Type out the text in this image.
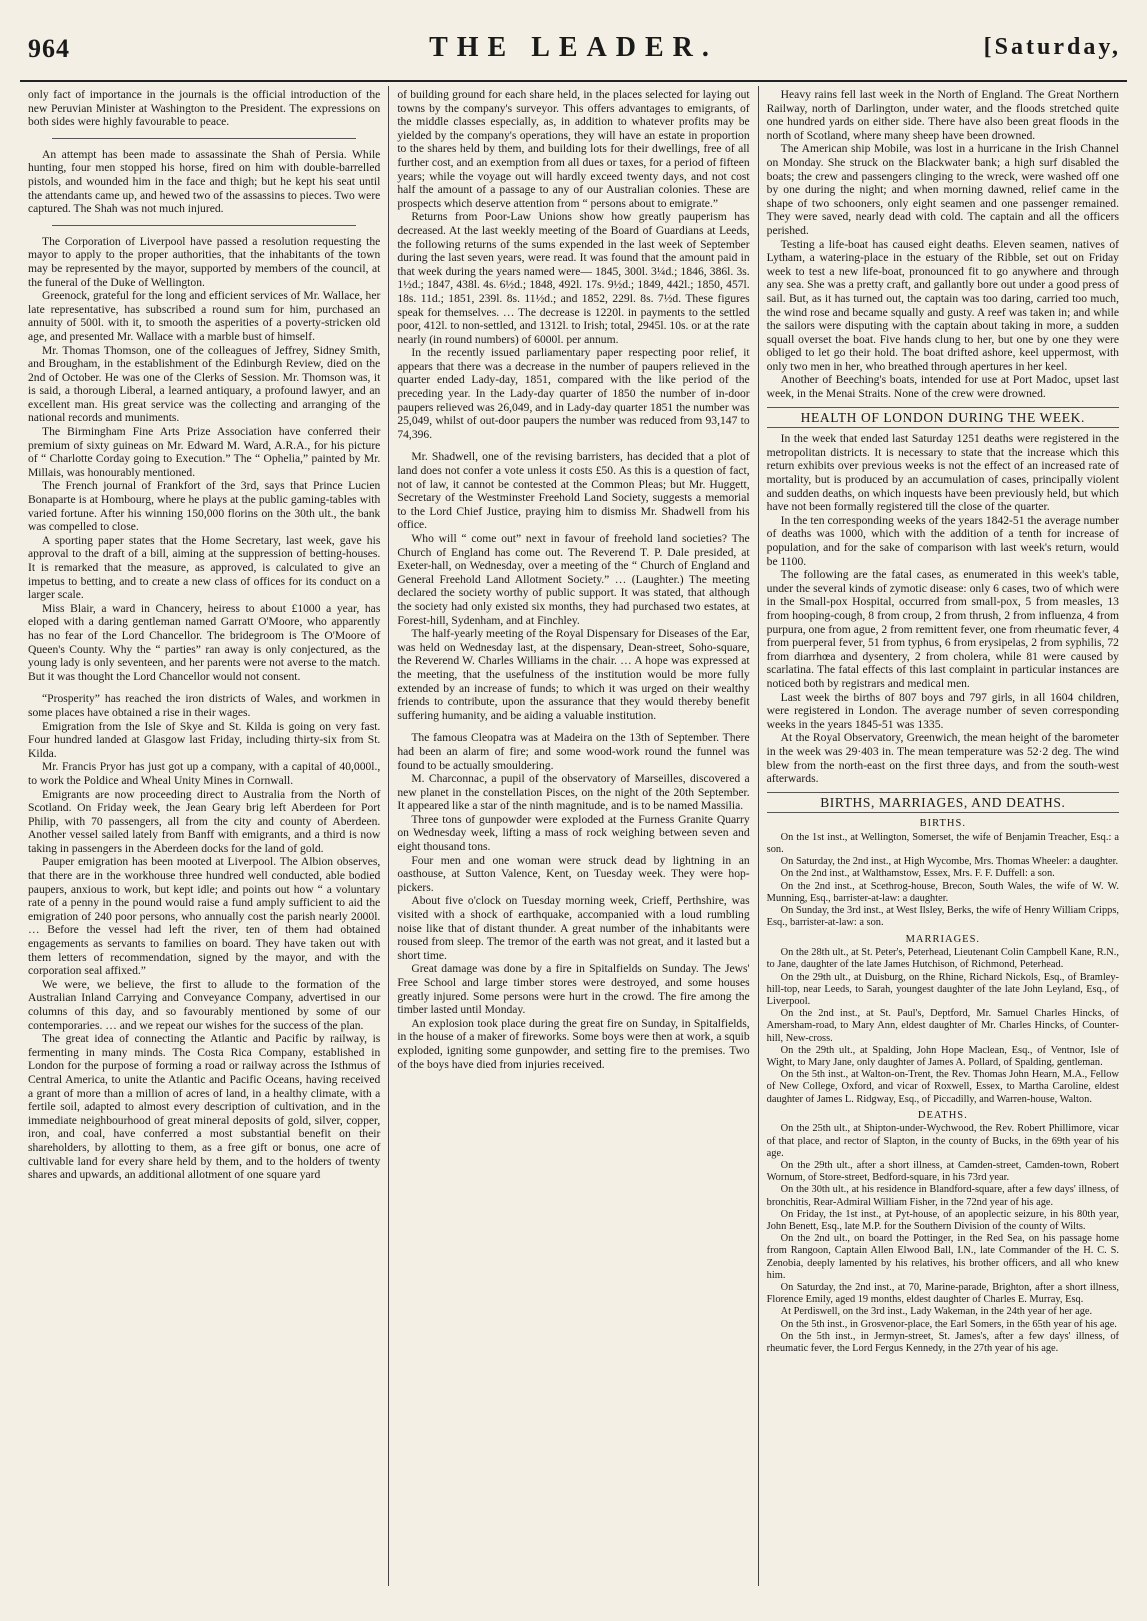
964	THE LEADER.	[Saturday,

only fact of importance in the journals is the official introduction of the new Peruvian Minister at Washington to the President. The expressions on both sides were highly favourable to peace.

An attempt has been made to assassinate the Shah of Persia. While hunting, four men stopped his horse, fired on him with double-barrelled pistols, and wounded him in the face and thigh; but he kept his seat until the attendants came up, and hewed two of the assassins to pieces. Two were captured. The Shah was not much injured.

The Corporation of Liverpool have passed a resolution requesting the mayor to apply to the proper authorities, that the inhabitants of the town may be represented by the mayor, supported by members of the council, at the funeral of the Duke of Wellington.

Greenock, grateful for the long and efficient services of Mr. Wallace, her late representative, has subscribed a round sum for him, purchased an annuity of 500l. with it, to smooth the asperities of a poverty-stricken old age, and presented Mr. Wallace with a marble bust of himself.

Mr. Thomas Thomson, one of the colleagues of Jeffrey, Sidney Smith, and Brougham, in the establishment of the Edinburgh Review, died on the 2nd of October. He was one of the Clerks of Session. Mr. Thomson was, it is said, a thorough Liberal, a learned antiquary, a profound lawyer, and an excellent man. His great service was the collecting and arranging of the national records and muniments.

The Birmingham Fine Arts Prize Association have conferred their premium of sixty guineas on Mr. Edward M. Ward, A.R.A., for his picture of “ Charlotte Corday going to Execution.” The “ Ophelia,” painted by Mr. Millais, was honourably mentioned.

The French journal of Frankfort of the 3rd, says that Prince Lucien Bonaparte is at Hombourg, where he plays at the public gaming-tables with varied fortune. After his winning 150,000 florins on the 30th ult., the bank was compelled to close.

A sporting paper states that the Home Secretary, last week, gave his approval to the draft of a bill, aiming at the suppression of betting-houses. It is remarked that the measure, as approved, is calculated to give an impetus to betting, and to create a new class of offices for its conduct on a larger scale.

Miss Blair, a ward in Chancery, heiress to about £1000 a year, has eloped with a daring gentleman named Garratt O'Moore, who apparently has no fear of the Lord Chancellor. The bridegroom is The O'Moore of Queen's County. Why the “ parties” ran away is only conjectured, as the young lady is only seventeen, and her parents were not averse to the match. But it was thought the Lord Chancellor would not consent.

“Prosperity” has reached the iron districts of Wales, and workmen in some places have obtained a rise in their wages.

Emigration from the Isle of Skye and St. Kilda is going on very fast. Four hundred landed at Glasgow last Friday, including thirty-six from St. Kilda.

Mr. Francis Pryor has just got up a company, with a capital of 40,000l., to work the Poldice and Wheal Unity Mines in Cornwall.

Emigrants are now proceeding direct to Australia from the North of Scotland. On Friday week, the Jean Geary brig left Aberdeen for Port Philip, with 70 passengers, all from the city and county of Aberdeen. Another vessel sailed lately from Banff with emigrants, and a third is now taking in passengers in the Aberdeen docks for the land of gold.

Pauper emigration has been mooted at Liverpool. The Albion observes, that there are in the workhouse three hundred well conducted, able bodied paupers, anxious to work, but kept idle; and points out how “ a voluntary rate of a penny in the pound would raise a fund amply sufficient to aid the emigration of 240 poor persons, who annually cost the parish nearly 2000l. … Before the vessel had left the river, ten of them had obtained engagements as servants to families on board. They have taken out with them letters of recommendation, signed by the mayor, and with the corporation seal affixed.”

We were, we believe, the first to allude to the formation of the Australian Inland Carrying and Conveyance Company, advertised in our columns of this day, and so favourably mentioned by some of our contemporaries. … and we repeat our wishes for the success of the plan.

The great idea of connecting the Atlantic and Pacific by railway, is fermenting in many minds. The Costa Rica Company, established in London for the purpose of forming a road or railway across the Isthmus of Central America, to unite the Atlantic and Pacific Oceans, having received a grant of more than a million of acres of land, in a healthy climate, with a fertile soil, adapted to almost every description of cultivation, and in the immediate neighbourhood of great mineral deposits of gold, silver, copper, iron, and coal, have conferred a most substantial benefit on their shareholders, by allotting to them, as a free gift or bonus, one acre of cultivable land for every share held by them, and to the holders of twenty shares and upwards, an additional allotment of one square yard

of building ground for each share held, in the places selected for laying out towns by the company's surveyor. This offers advantages to emigrants, of the middle classes especially, as, in addition to whatever profits may be yielded by the company's operations, they will have an estate in proportion to the shares held by them, and building lots for their dwellings, free of all further cost, and an exemption from all dues or taxes, for a period of fifteen years; while the voyage out will hardly exceed twenty days, and not cost half the amount of a passage to any of our Australian colonies. These are prospects which deserve attention from “ persons about to emigrate.”

Returns from Poor-Law Unions show how greatly pauperism has decreased. At the last weekly meeting of the Board of Guardians at Leeds, the following returns of the sums expended in the last week of September during the last seven years, were read. It was found that the amount paid in that week during the years named were— 1845, 300l. 3¼d.; 1846, 386l. 3s. 1½d.; 1847, 438l. 4s. 6½d.; 1848, 492l. 17s. 9½d.; 1849, 442l.; 1850, 457l. 18s. 11d.; 1851, 239l. 8s. 11½d.; and 1852, 229l. 8s. 7½d. These figures speak for themselves. … The decrease is 1220l. in payments to the settled poor, 412l. to non-settled, and 1312l. to Irish; total, 2945l. 10s. or at the rate nearly (in round numbers) of 6000l. per annum.

In the recently issued parliamentary paper respecting poor relief, it appears that there was a decrease in the number of paupers relieved in the quarter ended Lady-day, 1851, compared with the like period of the preceding year. In the Lady-day quarter of 1850 the number of in-door paupers relieved was 26,049, and in Lady-day quarter 1851 the number was 25,049, whilst of out-door paupers the number was reduced from 93,147 to 74,396.

Mr. Shadwell, one of the revising barristers, has decided that a plot of land does not confer a vote unless it costs £50. As this is a question of fact, not of law, it cannot be contested at the Common Pleas; but Mr. Huggett, Secretary of the Westminster Freehold Land Society, suggests a memorial to the Lord Chief Justice, praying him to dismiss Mr. Shadwell from his office.

Who will “ come out” next in favour of freehold land societies? The Church of England has come out. The Reverend T. P. Dale presided, at Exeter-hall, on Wednesday, over a meeting of the “ Church of England and General Freehold Land Allotment Society.” … (Laughter.) The meeting declared the society worthy of public support. It was stated, that although the society had only existed six months, they had purchased two estates, at Forest-hill, Sydenham, and at Finchley.

The half-yearly meeting of the Royal Dispensary for Diseases of the Ear, was held on Wednesday last, at the dispensary, Dean-street, Soho-square, the Reverend W. Charles Williams in the chair. … A hope was expressed at the meeting, that the usefulness of the institution would be more fully extended by an increase of funds; to which it was urged on their wealthy friends to contribute, upon the assurance that they would thereby benefit suffering humanity, and be aiding a valuable institution.

The famous Cleopatra was at Madeira on the 13th of September. There had been an alarm of fire; and some wood-work round the funnel was found to be actually smouldering.

M. Charconnac, a pupil of the observatory of Marseilles, discovered a new planet in the constellation Pisces, on the night of the 20th September. It appeared like a star of the ninth magnitude, and is to be named Massilia.

Three tons of gunpowder were exploded at the Furness Granite Quarry on Wednesday week, lifting a mass of rock weighing between seven and eight thousand tons.

Four men and one woman were struck dead by lightning in an oasthouse, at Sutton Valence, Kent, on Tuesday week. They were hop-pickers.

About five o'clock on Tuesday morning week, Crieff, Perthshire, was visited with a shock of earthquake, accompanied with a loud rumbling noise like that of distant thunder. A great number of the inhabitants were roused from sleep. The tremor of the earth was not great, and it lasted but a short time.

Great damage was done by a fire in Spitalfields on Sunday. The Jews' Free School and large timber stores were destroyed, and some houses greatly injured. Some persons were hurt in the crowd. The fire among the timber lasted until Monday.

An explosion took place during the great fire on Sunday, in Spitalfields, in the house of a maker of fireworks. Some boys were then at work, a squib exploded, igniting some gunpowder, and setting fire to the premises. Two of the boys have died from injuries received.

Heavy rains fell last week in the North of England. The Great Northern Railway, north of Darlington, under water, and the floods stretched quite one hundred yards on either side. There have also been great floods in the north of Scotland, where many sheep have been drowned.

The American ship Mobile, was lost in a hurricane in the Irish Channel on Monday. She struck on the Blackwater bank; a high surf disabled the boats; the crew and passengers clinging to the wreck, were washed off one by one during the night; and when morning dawned, relief came in the shape of two schooners, only eight seamen and one passenger remained. They were saved, nearly dead with cold. The captain and all the officers perished.

Testing a life-boat has caused eight deaths. Eleven seamen, natives of Lytham, a watering-place in the estuary of the Ribble, set out on Friday week to test a new life-boat, pronounced fit to go anywhere and through any sea. She was a pretty craft, and gallantly bore out under a good press of sail. But, as it has turned out, the captain was too daring, carried too much, the wind rose and became squally and gusty. A reef was taken in; and while the sailors were disputing with the captain about taking in more, a sudden squall overset the boat. Five hands clung to her, but one by one they were obliged to let go their hold. The boat drifted ashore, keel uppermost, with only two men in her, who breathed through apertures in her keel.

Another of Beeching's boats, intended for use at Port Madoc, upset last week, in the Menai Straits. None of the crew were drowned.

HEALTH OF LONDON DURING THE WEEK.

In the week that ended last Saturday 1251 deaths were registered in the metropolitan districts. It is necessary to state that the increase which this return exhibits over previous weeks is not the effect of an increased rate of mortality, but is produced by an accumulation of cases, principally violent and sudden deaths, on which inquests have been previously held, but which have not been formally registered till the close of the quarter.

In the ten corresponding weeks of the years 1842-51 the average number of deaths was 1000, which with the addition of a tenth for increase of population, and for the sake of comparison with last week's return, would be 1100.

The following are the fatal cases, as enumerated in this week's table, under the several kinds of zymotic disease: only 6 cases, two of which were in the Small-pox Hospital, occurred from small-pox, 5 from measles, 13 from hooping-cough, 8 from croup, 2 from thrush, 2 from influenza, 4 from purpura, one from ague, 2 from remittent fever, one from rheumatic fever, 4 from puerperal fever, 51 from typhus, 6 from erysipelas, 2 from syphilis, 72 from diarrhœa and dysentery, 2 from cholera, while 81 were caused by scarlatina. The fatal effects of this last complaint in particular instances are noticed both by registrars and medical men.

Last week the births of 807 boys and 797 girls, in all 1604 children, were registered in London. The average number of seven corresponding weeks in the years 1845-51 was 1335.

At the Royal Observatory, Greenwich, the mean height of the barometer in the week was 29·403 in. The mean temperature was 52·2 deg. The wind blew from the north-east on the first three days, and from the south-west afterwards.

BIRTHS, MARRIAGES, AND DEATHS.
BIRTHS.

On the 1st inst., at Wellington, Somerset, the wife of Benjamin Treacher, Esq.: a son.

On Saturday, the 2nd inst., at High Wycombe, Mrs. Thomas Wheeler: a daughter.

On the 2nd inst., at Walthamstow, Essex, Mrs. F. F. Duffell: a son.

On the 2nd inst., at Scethrog-house, Brecon, South Wales, the wife of W. W. Munning, Esq., barrister-at-law: a daughter.

On Sunday, the 3rd inst., at West Ilsley, Berks, the wife of Henry William Cripps, Esq., barrister-at-law: a son.

MARRIAGES.

On the 28th ult., at St. Peter's, Peterhead, Lieutenant Colin Campbell Kane, R.N., to Jane, daughter of the late James Hutchison, of Richmond, Peterhead.

On the 29th ult., at Duisburg, on the Rhine, Richard Nickols, Esq., of Bramley-hill-top, near Leeds, to Sarah, youngest daughter of the late John Leyland, Esq., of Liverpool.

On the 2nd inst., at St. Paul's, Deptford, Mr. Samuel Charles Hincks, of Amersham-road, to Mary Ann, eldest daughter of Mr. Charles Hincks, of Counter-hill, New-cross.

On the 29th ult., at Spalding, John Hope Maclean, Esq., of Ventnor, Isle of Wight, to Mary Jane, only daughter of James A. Pollard, of Spalding, gentleman.

On the 5th inst., at Walton-on-Trent, the Rev. Thomas John Hearn, M.A., Fellow of New College, Oxford, and vicar of Roxwell, Essex, to Martha Caroline, eldest daughter of James L. Ridgway, Esq., of Piccadilly, and Warren-house, Walton.

DEATHS.

On the 25th ult., at Shipton-under-Wychwood, the Rev. Robert Phillimore, vicar of that place, and rector of Slapton, in the county of Bucks, in the 69th year of his age.

On the 29th ult., after a short illness, at Camden-street, Camden-town, Robert Wornum, of Store-street, Bedford-square, in his 73rd year.

On the 30th ult., at his residence in Blandford-square, after a few days' illness, of bronchitis, Rear-Admiral William Fisher, in the 72nd year of his age.

On Friday, the 1st inst., at Pyt-house, of an apoplectic seizure, in his 80th year, John Benett, Esq., late M.P. for the Southern Division of the county of Wilts.

On the 2nd ult., on board the Pottinger, in the Red Sea, on his passage home from Rangoon, Captain Allen Elwood Ball, I.N., late Commander of the H. C. S. Zenobia, deeply lamented by his relatives, his brother officers, and all who knew him.

On Saturday, the 2nd inst., at 70, Marine-parade, Brighton, after a short illness, Florence Emily, aged 19 months, eldest daughter of Charles E. Murray, Esq.

At Perdiswell, on the 3rd inst., Lady Wakeman, in the 24th year of her age.

On the 5th inst., in Grosvenor-place, the Earl Somers, in the 65th year of his age.

On the 5th inst., in Jermyn-street, St. James's, after a few days' illness, of rheumatic fever, the Lord Fergus Kennedy, in the 27th year of his age.
